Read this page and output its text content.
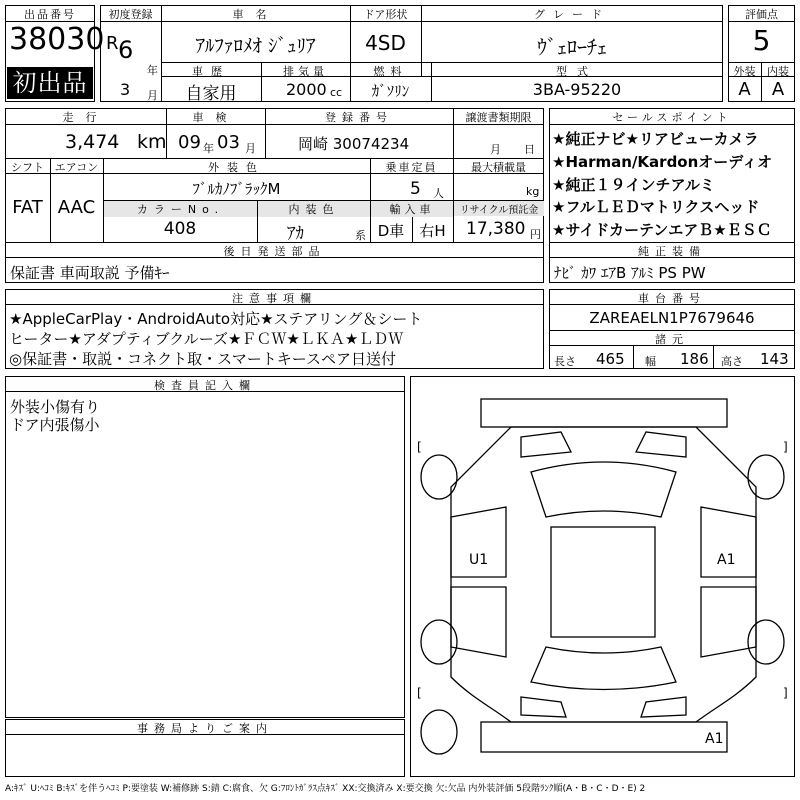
出品番号
38030
初出品
初度登録
R 6
年
3 月
車名
ｱﾙﾌｧﾛﾒｵ ｼﾞｭﾘｱ
ドア形状
4SD
グレード
ｳﾞｪﾛｰﾁｪ
車歴
自家用
排気量
2000 cc
燃料
ｶﾞｿﾘﾝ
型式
3BA-95220
評価点
5
外装	内装
A	A
走行
3,474 km
車検
09 年 03 月
登録番号
岡崎 30074234
譲渡書類期限
月 日
シフト エアコン
FAT AAC
外装色
ﾌﾞﾙｶﾉﾌﾞﾗｯｸM
乗車定員
5 人
最大積載量
kg
カラーNo.
408
内装色
ｱｶ	系
輸入車
D車	右H
リサイクル預託金
17,380 円
セールスポイント
★純正ナビ★リアビューカメラ
★Harman/Kardonオーディオ
★純正１９インチアルミ
★フルＬＥＤマトリクスヘッド
★サイドカーテンエアＢ★ＥＳＣ
後日発送部品
保証書 車両取説 予備ｷｰ
純正装備
ﾅﾋﾞ ｶﾜ ｴｱB ｱﾙﾐ PS PW
注意事項欄
★AppleCarPlay・AndroidAuto対応★ステアリング＆シート
ヒーター★アダプティブクルーズ★ＦＣＷ★ＬＫＡ★ＬＤＷ
◎保証書・取説・コネクト取・スマートキースペア日送付
車台番号
ZAREAELN1P7679646
諸元
長さ 465 幅 186 高さ 143
検査員記入欄
外装小傷有り
ドア内張傷小
事務局よりご案内
[	]
[	]
U1	A1
A1
A:ｷｽﾞ U:ﾍｺﾐ B:ｷｽﾞを伴うﾍｺﾐ P:要塗装 W:補修跡 S:錆 C:腐食、欠 G:ﾌﾛﾝﾄｶﾞﾗｽ点ｷｽﾞ XX:交換済み X:要交換 欠:欠品 内外装評価 5段階ﾗﾝｸ順(A・B・C・D・E) 2
